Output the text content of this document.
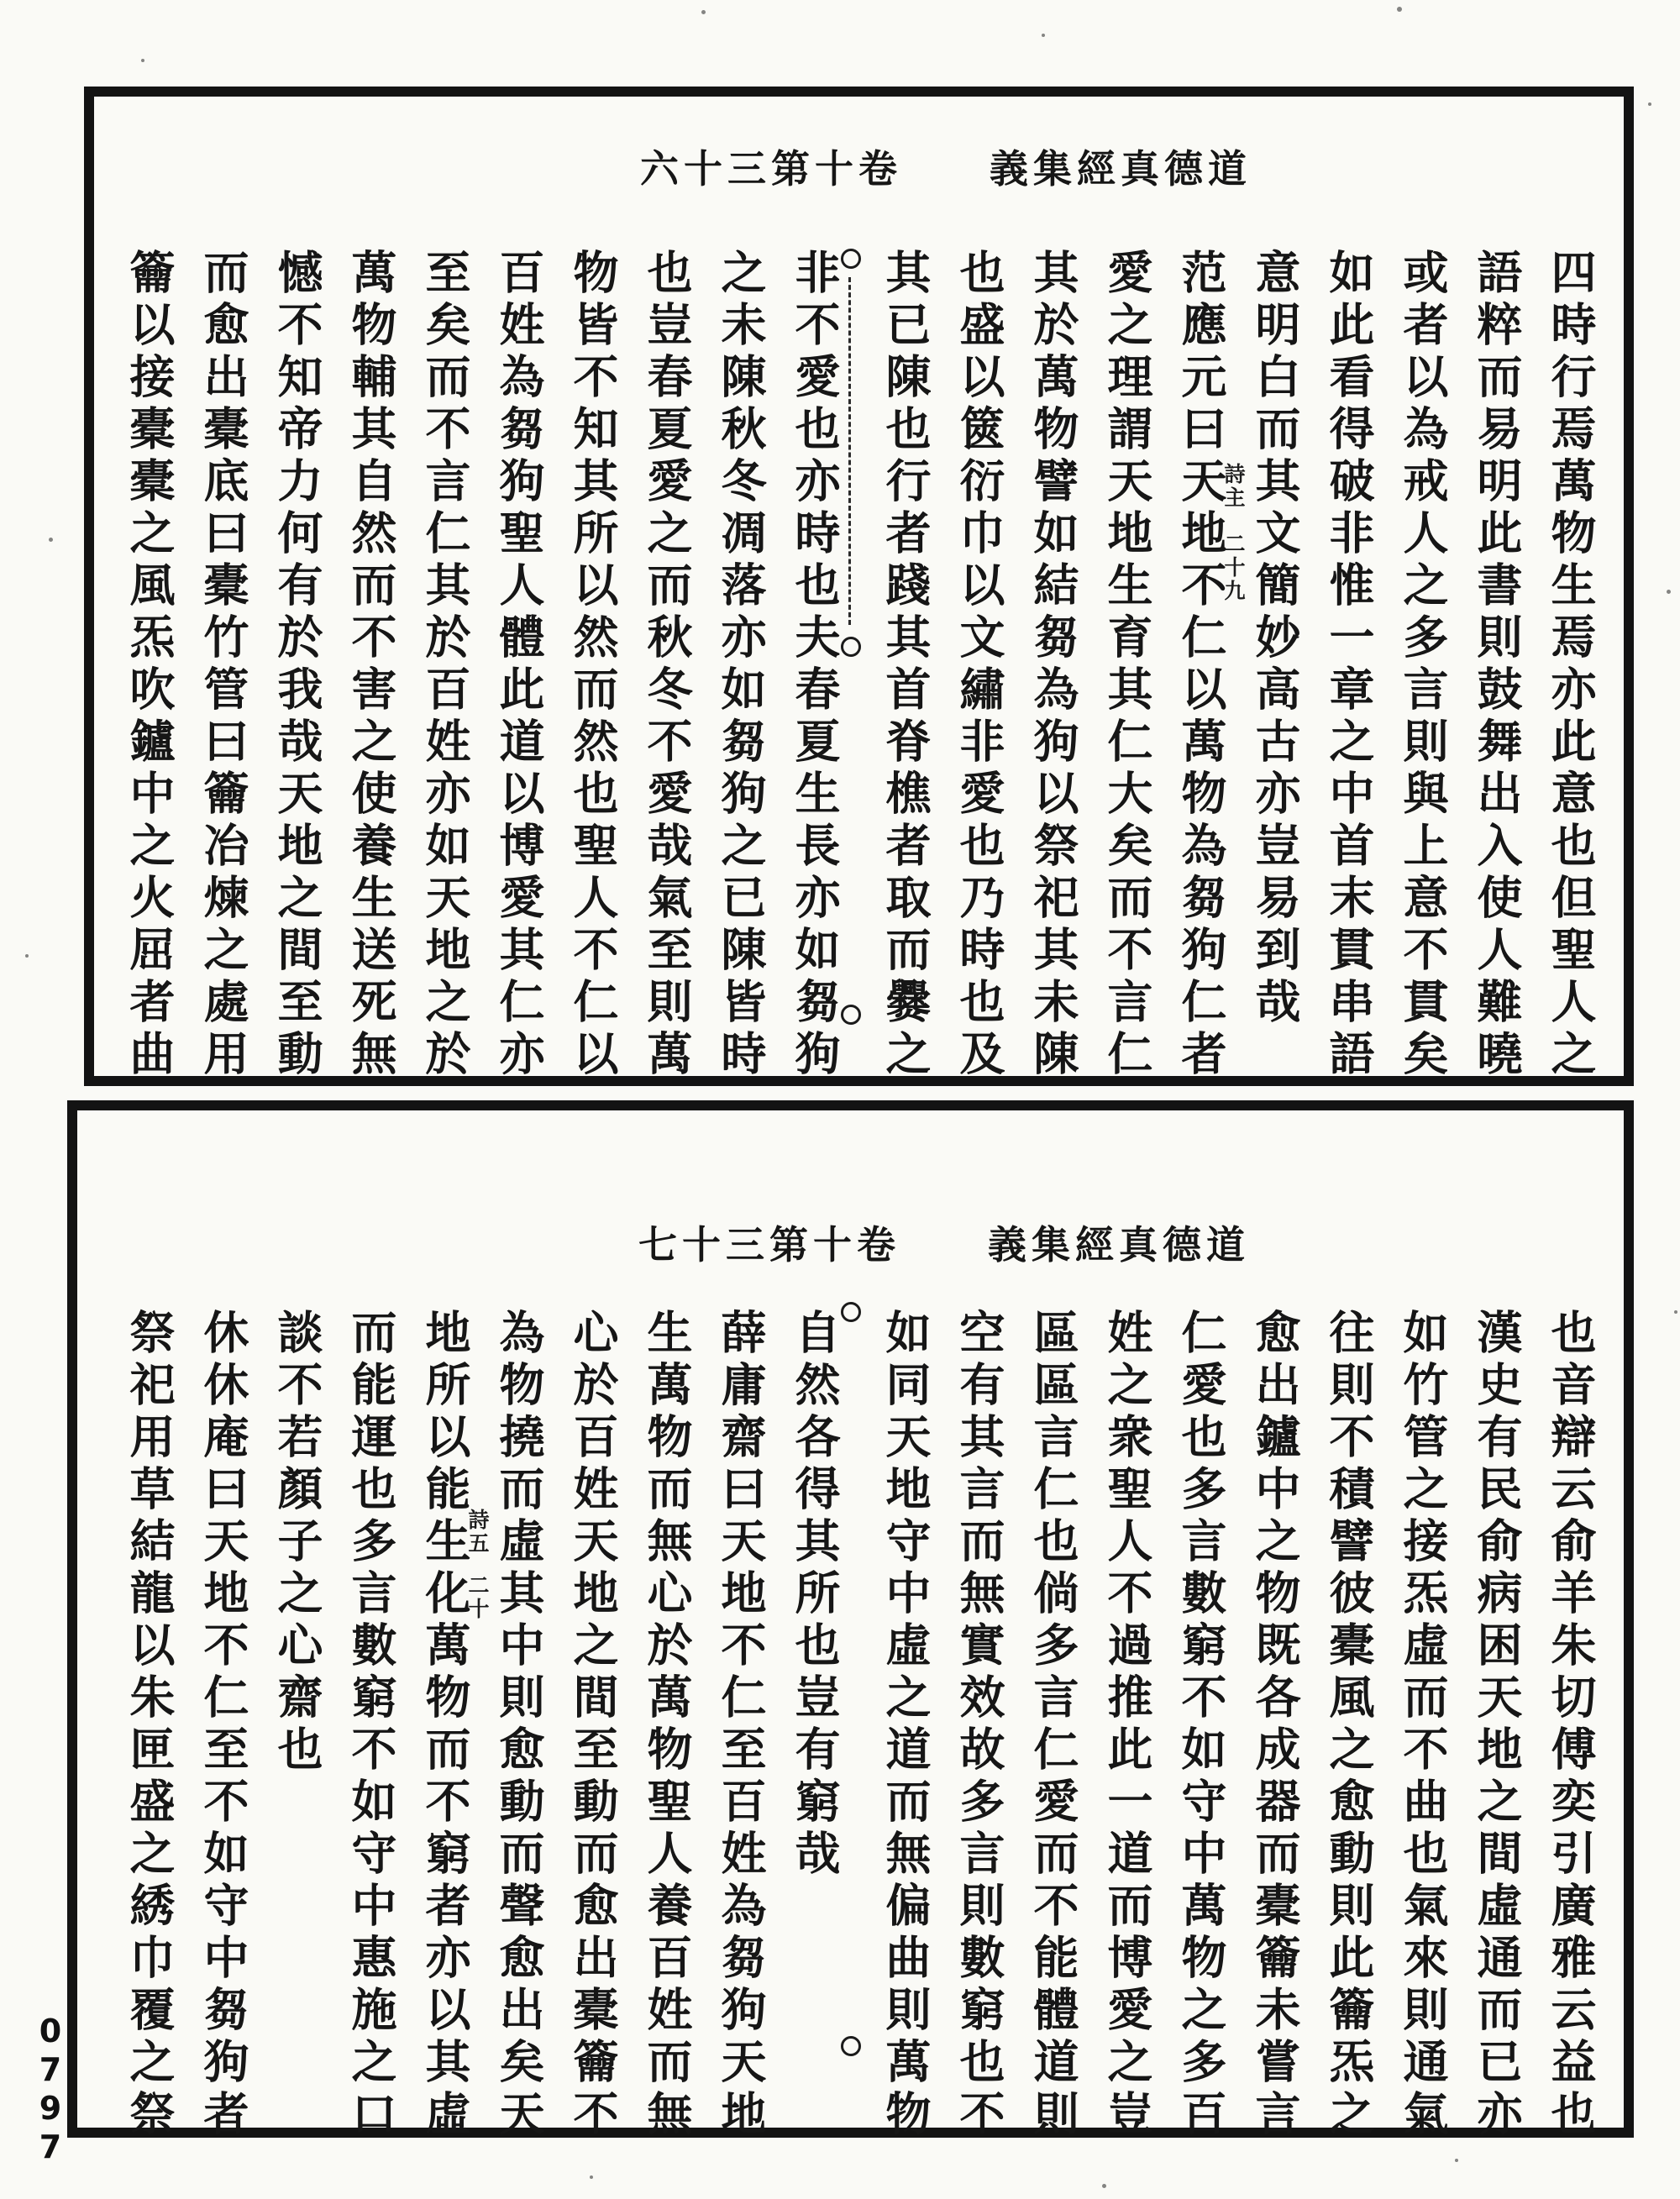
六十三第十卷　　義集經真德道
四時行焉萬物生焉亦此意也但聖人之
語粹而易明此書則鼓舞出入使人難曉
或者以為戒人之多言則與上意不貫矣
如此看得破非惟一章之中首末貫串語
意明白而其文簡妙高古亦豈易到哉
范應元曰天地不仁以萬物為芻狗仁者
愛之理謂天地生育其仁大矣而不言仁
其於萬物譬如結芻為狗以祭祀其未陳
也盛以篋衍巾以文繡非愛也乃時也及
其已陳也行者踐其首脊樵者取而爨之
非不愛也亦時也夫春夏生長亦如芻狗
之未陳秋冬凋落亦如芻狗之已陳皆時
也豈春夏愛之而秋冬不愛哉氣至則萬
物皆不知其所以然而然也聖人不仁以
百姓為芻狗聖人體此道以博愛其仁亦
至矣而不言仁其於百姓亦如天地之於
萬物輔其自然而不害之使養生送死無
憾不知帝力何有於我哉天地之間至動
而愈出橐底曰橐竹管曰籥冶煉之處用
籥以接橐橐之風炁吹鑪中之火屈者曲	詩主
二十九
七十三第十卷　　義集經真德道
也音辯云俞羊朱切傅奕引廣雅云益也
漢史有民俞病困天地之間虛通而已亦
如竹管之接炁虛而不曲也氣來則通氣
往則不積譬彼橐風之愈動則此籥炁之
愈出鑪中之物既各成器而橐籥未嘗言
仁愛也多言數窮不如守中萬物之多百
姓之衆聖人不過推此一道而博愛之豈
區區言仁也倘多言仁愛而不能體道則
空有其言而無實效故多言則數窮也不
如同天地守中虛之道而無偏曲則萬物
自然各得其所也豈有窮哉
薛庸齋曰天地不仁至百姓為芻狗天地
生萬物而無心於萬物聖人養百姓而無
心於百姓天地之間至動而愈出橐籥不
為物撓而虛其中則愈動而聲愈出矣天
地所以能生化萬物而不窮者亦以其虛
而能運也多言數窮不如守中惠施之口
談不若顏子之心齋也
休休庵曰天地不仁至不如守中芻狗者
祭祀用草結龍以朱匣盛之綉巾覆之祭	詩五
二十
0797
